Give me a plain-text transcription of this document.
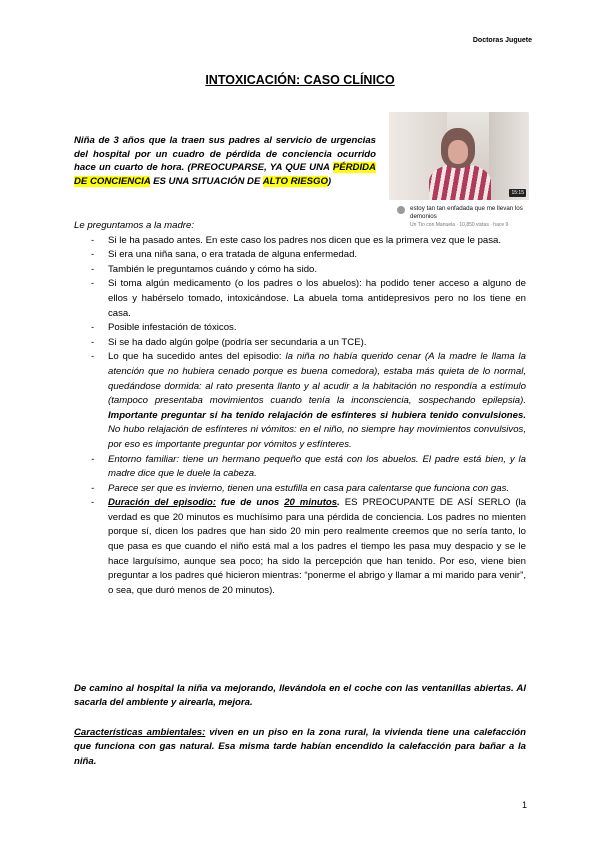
Doctoras Juguete
INTOXICACIÓN: CASO CLÍNICO
Niña de 3 años que la traen sus padres al servicio de urgencias del hospital por un cuadro de pérdida de conciencia ocurrido hace un cuarto de hora. (PREOCUPARSE, YA QUE UNA PÉRDIDA DE CONCIENCIA ES UNA SITUACIÓN DE ALTO RIESGO)
15:15
estoy tan tan enfadada que me llevan los demonios
Un Tío con Manuela · 10,850 vistas · hace 9

Le preguntamos a la madre:

- Si le ha pasado antes. En este caso los padres nos dicen que es la primera vez que le pasa.
- Si era una niña sana, o era tratada de alguna enfermedad.
- También le preguntamos cuándo y cómo ha sido.
- Si toma algún medicamento (o los padres o los abuelos): ha podido tener acceso a alguno de ellos y habérselo tomado, intoxicándose. La abuela toma antidepresivos pero no los tiene en casa.
- Posible infestación de tóxicos.
- Si se ha dado algún golpe (podría ser secundaria a un TCE).
- Lo que ha sucedido antes del episodio: la niña no había querido cenar (A la madre le llama la atención que no hubiera cenado porque es buena comedora), estaba más quieta de lo normal, quedándose dormida: al rato presenta llanto y al acudir a la habitación no respondía a estímulo (tampoco presentaba movimientos cuando tenía la inconsciencia, sospechando epilepsia). Importante preguntar si ha tenido relajación de esfínteres si hubiera tenido convulsiones. No hubo relajación de esfínteres ni vómitos: en el niño, no siempre hay movimientos convulsivos, por eso es importante preguntar por vómitos y esfínteres.
- Entorno familiar: tiene un hermano pequeño que está con los abuelos. El padre está bien, y la madre dice que le duele la cabeza.
- Parece ser que es invierno, tienen una estufilla en casa para calentarse que funciona con gas.
- Duración del episodio: fue de unos 20 minutos. ES PREOCUPANTE DE ASÍ SERLO (la verdad es que 20 minutos es muchísimo para una pérdida de conciencia. Los padres no mienten porque sí, dicen los padres que han sido 20 min pero realmente creemos que no sería tanto, lo que pasa es que cuando el niño está mal a los padres el tiempo les pasa muy despacio y se le hace larguísimo, aunque sea poco; ha sido la percepción que han tenido. Por eso, viene bien preguntar a los padres qué hicieron mientras: “ponerme el abrigo y llamar a mi marido para venir”, o sea, que duró menos de 20 minutos).

De camino al hospital la niña va mejorando, llevándola en el coche con las ventanillas abiertas. Al sacarla del ambiente y airearla, mejora.

Características ambientales: viven en un piso en la zona rural, la vivienda tiene una calefacción que funciona con gas natural. Esa misma tarde habían encendido la calefacción para bañar a la niña.

1
